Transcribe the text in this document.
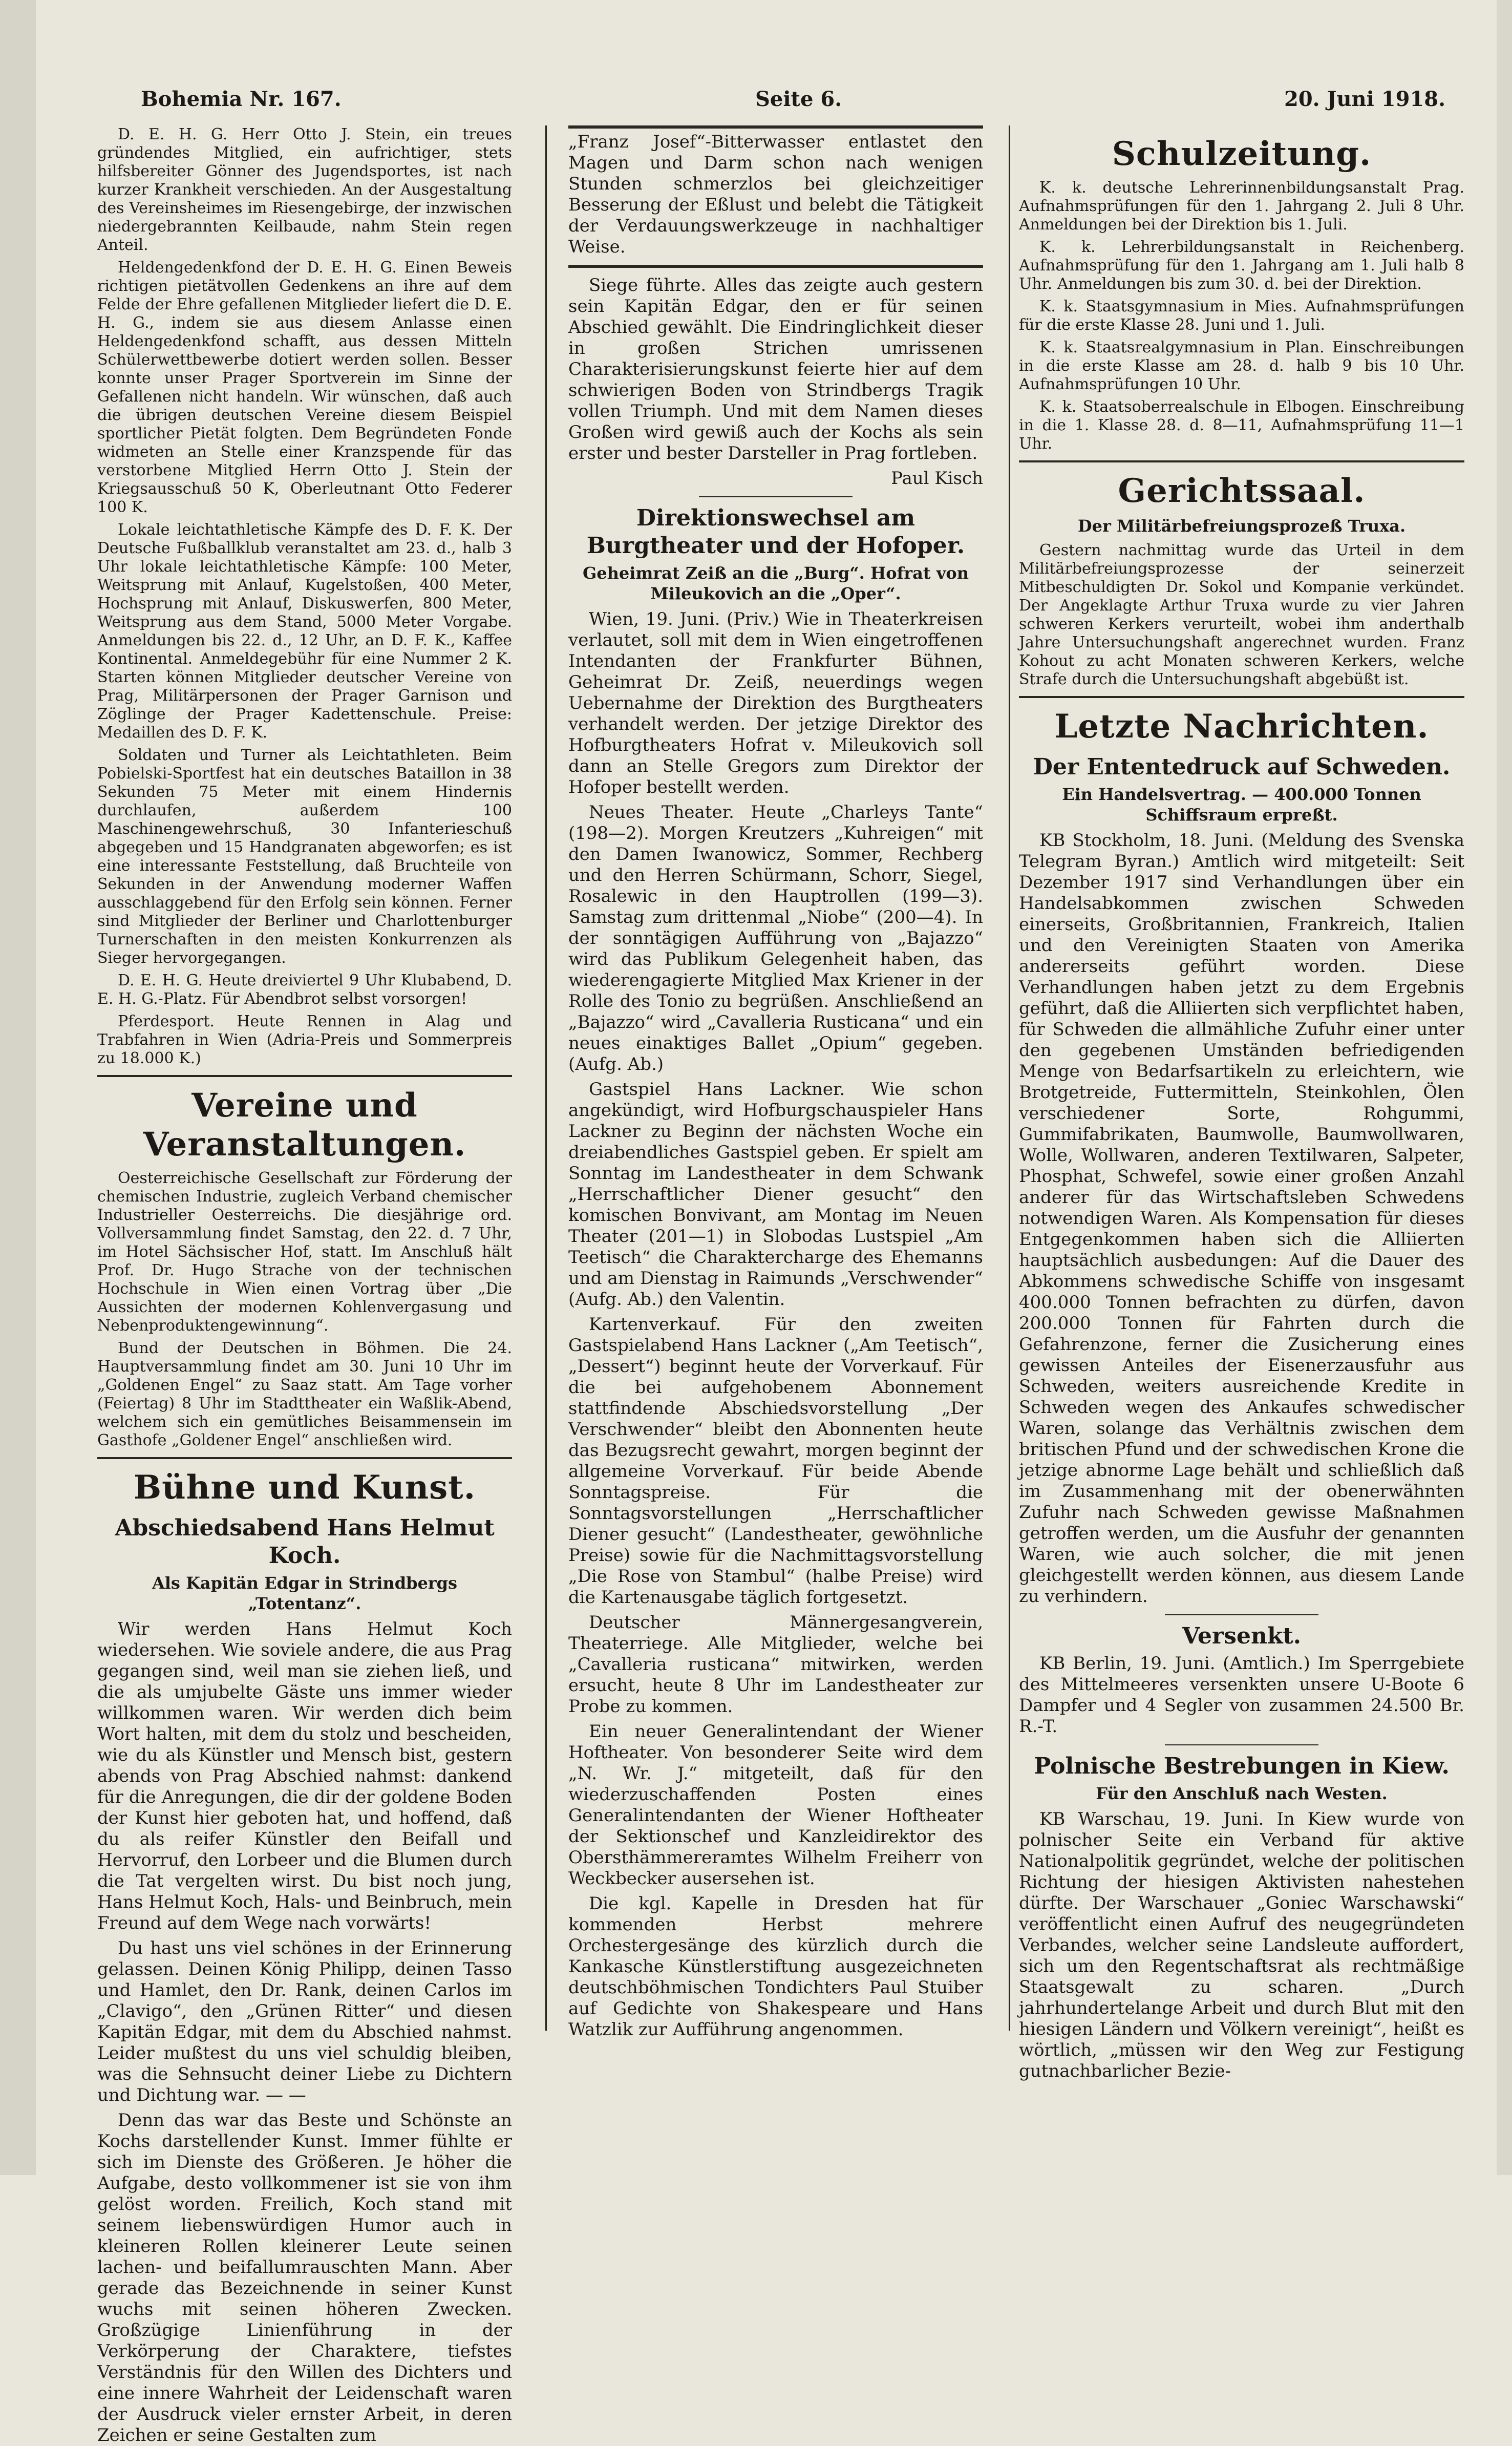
Bohemia Nr. 167.	Seite 6.	20. Juni 1918.

D. E. H. G. Herr Otto J. Stein, ein treues gründendes Mitglied, ein aufrichtiger, stets hilfsbereiter Gönner des Jugendsportes, ist nach kurzer Krankheit verschieden. An der Ausgestaltung des Vereinsheimes im Riesengebirge, der inzwischen niedergebrannten Keilbaude, nahm Stein regen Anteil.

Heldengedenkfond der D. E. H. G. Einen Beweis richtigen pietätvollen Gedenkens an ihre auf dem Felde der Ehre gefallenen Mitglieder liefert die D. E. H. G., indem sie aus diesem Anlasse einen Heldengedenkfond schafft, aus dessen Mitteln Schülerwettbewerbe dotiert werden sollen. Besser konnte unser Prager Sportverein im Sinne der Gefallenen nicht handeln. Wir wünschen, daß auch die übrigen deutschen Vereine diesem Beispiel sportlicher Pietät folgten. Dem Begründeten Fonde widmeten an Stelle einer Kranzspende für das verstorbene Mitglied Herrn Otto J. Stein der Kriegsausschuß 50 K, Oberleutnant Otto Federer 100 K.

Lokale leichtathletische Kämpfe des D. F. K. Der Deutsche Fußballklub veranstaltet am 23. d., halb 3 Uhr lokale leichtathletische Kämpfe: 100 Meter, Weitsprung mit Anlauf, Kugelstoßen, 400 Meter, Hochsprung mit Anlauf, Diskuswerfen, 800 Meter, Weitsprung aus dem Stand, 5000 Meter Vorgabe. Anmeldungen bis 22. d., 12 Uhr, an D. F. K., Kaffee Kontinental. Anmeldegebühr für eine Nummer 2 K. Starten können Mitglieder deutscher Vereine von Prag, Militärpersonen der Prager Garnison und Zöglinge der Prager Kadettenschule. Preise: Medaillen des D. F. K.

Soldaten und Turner als Leichtathleten. Beim Pobielski-Sportfest hat ein deutsches Bataillon in 38 Sekunden 75 Meter mit einem Hindernis durchlaufen, außerdem 100 Maschinengewehrschuß, 30 Infanterieschuß abgegeben und 15 Handgranaten abgeworfen; es ist eine interessante Feststellung, daß Bruchteile von Sekunden in der Anwendung moderner Waffen ausschlaggebend für den Erfolg sein können. Ferner sind Mitglieder der Berliner und Charlottenburger Turnerschaften in den meisten Konkurrenzen als Sieger hervorgegangen.

D. E. H. G. Heute dreiviertel 9 Uhr Klubabend, D. E. H. G.-Platz. Für Abendbrot selbst vorsorgen!

Pferdesport. Heute Rennen in Alag und Trabfahren in Wien (Adria-Preis und Sommerpreis zu 18.000 K.)

Vereine und Veranstaltungen.

Oesterreichische Gesellschaft zur Förderung der chemischen Industrie, zugleich Verband chemischer Industrieller Oesterreichs. Die diesjährige ord. Vollversammlung findet Samstag, den 22. d. 7 Uhr, im Hotel Sächsischer Hof, statt. Im Anschluß hält Prof. Dr. Hugo Strache von der technischen Hochschule in Wien einen Vortrag über „Die Aussichten der modernen Kohlenvergasung und Nebenproduktengewinnung“.

Bund der Deutschen in Böhmen. Die 24. Hauptversammlung findet am 30. Juni 10 Uhr im „Goldenen Engel“ zu Saaz statt. Am Tage vorher (Feiertag) 8 Uhr im Stadttheater ein Waßlik-Abend, welchem sich ein gemütliches Beisammensein im Gasthofe „Goldener Engel“ anschließen wird.

Bühne und Kunst.
Abschiedsabend Hans Helmut Koch.
Als Kapitän Edgar in Strindbergs „Totentanz“.

Wir werden Hans Helmut Koch wiedersehen. Wie soviele andere, die aus Prag gegangen sind, weil man sie ziehen ließ, und die als umjubelte Gäste uns immer wieder willkommen waren. Wir werden dich beim Wort halten, mit dem du stolz und bescheiden, wie du als Künstler und Mensch bist, gestern abends von Prag Abschied nahmst: dankend für die Anregungen, die dir der goldene Boden der Kunst hier geboten hat, und hoffend, daß du als reifer Künstler den Beifall und Hervorruf, den Lorbeer und die Blumen durch die Tat vergelten wirst. Du bist noch jung, Hans Helmut Koch, Hals- und Beinbruch, mein Freund auf dem Wege nach vorwärts!

Du hast uns viel schönes in der Erinnerung gelassen. Deinen König Philipp, deinen Tasso und Hamlet, den Dr. Rank, deinen Carlos im „Clavigo“, den „Grünen Ritter“ und diesen Kapitän Edgar, mit dem du Abschied nahmst. Leider mußtest du uns viel schuldig bleiben, was die Sehnsucht deiner Liebe zu Dichtern und Dichtung war. — —

Denn das war das Beste und Schönste an Kochs darstellender Kunst. Immer fühlte er sich im Dienste des Größeren. Je höher die Aufgabe, desto vollkommener ist sie von ihm gelöst worden. Freilich, Koch stand mit seinem liebenswürdigen Humor auch in kleineren Rollen kleinerer Leute seinen lachen- und beifallumrauschten Mann. Aber gerade das Bezeichnende in seiner Kunst wuchs mit seinen höheren Zwecken. Großzügige Linienführung in der Verkörperung der Charaktere, tiefstes Verständnis für den Willen des Dichters und eine innere Wahrheit der Leidenschaft waren der Ausdruck vieler ernster Arbeit, in deren Zeichen er seine Gestalten zum

„Franz Josef“-Bitterwasser entlastet den Magen und Darm schon nach wenigen Stunden schmerzlos bei gleichzeitiger Besserung der Eßlust und belebt die Tätigkeit der Verdauungswerkzeuge in nachhaltiger Weise.

Siege führte. Alles das zeigte auch gestern sein Kapitän Edgar, den er für seinen Abschied gewählt. Die Eindringlichkeit dieser in großen Strichen umrissenen Charakterisierungskunst feierte hier auf dem schwierigen Boden von Strindbergs Tragik vollen Triumph. Und mit dem Namen dieses Großen wird gewiß auch der Kochs als sein erster und bester Darsteller in Prag fortleben.

Paul Kisch
Direktionswechsel am Burgtheater und der Hofoper.
Geheimrat Zeiß an die „Burg“. Hofrat von Mileukovich an die „Oper“.

Wien, 19. Juni. (Priv.) Wie in Theaterkreisen verlautet, soll mit dem in Wien eingetroffenen Intendanten der Frankfurter Bühnen, Geheimrat Dr. Zeiß, neuerdings wegen Uebernahme der Direktion des Burgtheaters verhandelt werden. Der jetzige Direktor des Hofburgtheaters Hofrat v. Mileukovich soll dann an Stelle Gregors zum Direktor der Hofoper bestellt werden.

Neues Theater. Heute „Charleys Tante“ (198—2). Morgen Kreutzers „Kuhreigen“ mit den Damen Iwanowicz, Sommer, Rechberg und den Herren Schürmann, Schorr, Siegel, Rosalewic in den Hauptrollen (199—3). Samstag zum drittenmal „Niobe“ (200—4). In der sonntägigen Aufführung von „Bajazzo“ wird das Publikum Gelegenheit haben, das wiederengagierte Mitglied Max Kriener in der Rolle des Tonio zu begrüßen. Anschließend an „Bajazzo“ wird „Cavalleria Rusticana“ und ein neues einaktiges Ballet „Opium“ gegeben. (Aufg. Ab.)

Gastspiel Hans Lackner. Wie schon angekündigt, wird Hofburgschauspieler Hans Lackner zu Beginn der nächsten Woche ein dreiabendliches Gastspiel geben. Er spielt am Sonntag im Landestheater in dem Schwank „Herrschaftlicher Diener gesucht“ den komischen Bonvivant, am Montag im Neuen Theater (201—1) in Slobodas Lustspiel „Am Teetisch“ die Charaktercharge des Ehemanns und am Dienstag in Raimunds „Verschwender“ (Aufg. Ab.) den Valentin.

Kartenverkauf. Für den zweiten Gastspielabend Hans Lackner („Am Teetisch“, „Dessert“) beginnt heute der Vorverkauf. Für die bei aufgehobenem Abonnement stattfindende Abschiedsvorstellung „Der Verschwender“ bleibt den Abonnenten heute das Bezugsrecht gewahrt, morgen beginnt der allgemeine Vorverkauf. Für beide Abende Sonntagspreise. Für die Sonntagsvorstellungen „Herrschaftlicher Diener gesucht“ (Landestheater, gewöhnliche Preise) sowie für die Nachmittagsvorstellung „Die Rose von Stambul“ (halbe Preise) wird die Kartenausgabe täglich fortgesetzt.

Deutscher Männergesangverein, Theaterriege. Alle Mitglieder, welche bei „Cavalleria rusticana“ mitwirken, werden ersucht, heute 8 Uhr im Landestheater zur Probe zu kommen.

Ein neuer Generalintendant der Wiener Hoftheater. Von besonderer Seite wird dem „N. Wr. J.“ mitgeteilt, daß für den wiederzuschaffenden Posten eines Generalintendanten der Wiener Hoftheater der Sektionschef und Kanzleidirektor des Obersthämmereramtes Wilhelm Freiherr von Weckbecker ausersehen ist.

Die kgl. Kapelle in Dresden hat für kommenden Herbst mehrere Orchestergesänge des kürzlich durch die Kankasche Künstlerstiftung ausgezeichneten deutschböhmischen Tondichters Paul Stuiber auf Gedichte von Shakespeare und Hans Watzlik zur Aufführung angenommen.

Schulzeitung.

K. k. deutsche Lehrerinnenbildungsanstalt Prag. Aufnahmsprüfungen für den 1. Jahrgang 2. Juli 8 Uhr. Anmeldungen bei der Direktion bis 1. Juli.

K. k. Lehrerbildungsanstalt in Reichenberg. Aufnahmsprüfung für den 1. Jahrgang am 1. Juli halb 8 Uhr. Anmeldungen bis zum 30. d. bei der Direktion.

K. k. Staatsgymnasium in Mies. Aufnahmsprüfungen für die erste Klasse 28. Juni und 1. Juli.

K. k. Staatsrealgymnasium in Plan. Einschreibungen in die erste Klasse am 28. d. halb 9 bis 10 Uhr. Aufnahmsprüfungen 10 Uhr.

K. k. Staatsoberrealschule in Elbogen. Einschreibung in die 1. Klasse 28. d. 8—11, Aufnahmsprüfung 11—1 Uhr.

Gerichtssaal.
Der Militärbefreiungsprozeß Truxa.

Gestern nachmittag wurde das Urteil in dem Militärbefreiungsprozesse der seinerzeit Mitbeschuldigten Dr. Sokol und Kompanie verkündet. Der Angeklagte Arthur Truxa wurde zu vier Jahren schweren Kerkers verurteilt, wobei ihm anderthalb Jahre Untersuchungshaft angerechnet wurden. Franz Kohout zu acht Monaten schweren Kerkers, welche Strafe durch die Untersuchungshaft abgebüßt ist.

Letzte Nachrichten.
Der Ententedruck auf Schweden.
Ein Handelsvertrag. — 400.000 Tonnen Schiffsraum erpreßt.

KB Stockholm, 18. Juni. (Meldung des Svenska Telegram Byran.) Amtlich wird mitgeteilt: Seit Dezember 1917 sind Verhandlungen über ein Handelsabkommen zwischen Schweden einerseits, Großbritannien, Frankreich, Italien und den Vereinigten Staaten von Amerika andererseits geführt worden. Diese Verhandlungen haben jetzt zu dem Ergebnis geführt, daß die Alliierten sich verpflichtet haben, für Schweden die allmähliche Zufuhr einer unter den gegebenen Umständen befriedigenden Menge von Bedarfsartikeln zu erleichtern, wie Brotgetreide, Futtermitteln, Steinkohlen, Ölen verschiedener Sorte, Rohgummi, Gummifabrikaten, Baumwolle, Baumwollwaren, Wolle, Wollwaren, anderen Textilwaren, Salpeter, Phosphat, Schwefel, sowie einer großen Anzahl anderer für das Wirtschaftsleben Schwedens notwendigen Waren. Als Kompensation für dieses Entgegenkommen haben sich die Alliierten hauptsächlich ausbedungen: Auf die Dauer des Abkommens schwedische Schiffe von insgesamt 400.000 Tonnen befrachten zu dürfen, davon 200.000 Tonnen für Fahrten durch die Gefahrenzone, ferner die Zusicherung eines gewissen Anteiles der Eisenerzausfuhr aus Schweden, weiters ausreichende Kredite in Schweden wegen des Ankaufes schwedischer Waren, solange das Verhältnis zwischen dem britischen Pfund und der schwedischen Krone die jetzige abnorme Lage behält und schließlich daß im Zusammenhang mit der obenerwähnten Zufuhr nach Schweden gewisse Maßnahmen getroffen werden, um die Ausfuhr der genannten Waren, wie auch solcher, die mit jenen gleichgestellt werden können, aus diesem Lande zu verhindern.

Versenkt.

KB Berlin, 19. Juni. (Amtlich.) Im Sperrgebiete des Mittelmeeres versenkten unsere U-Boote 6 Dampfer und 4 Segler von zusammen 24.500 Br. R.-T.

Polnische Bestrebungen in Kiew.
Für den Anschluß nach Westen.

KB Warschau, 19. Juni. In Kiew wurde von polnischer Seite ein Verband für aktive Nationalpolitik gegründet, welche der politischen Richtung der hiesigen Aktivisten nahestehen dürfte. Der Warschauer „Goniec Warschawski“ veröffentlicht einen Aufruf des neugegründeten Verbandes, welcher seine Landsleute auffordert, sich um den Regentschaftsrat als rechtmäßige Staatsgewalt zu scharen. „Durch jahrhundertelange Arbeit und durch Blut mit den hiesigen Ländern und Völkern vereinigt“, heißt es wörtlich, „müssen wir den Weg zur Festigung gutnachbarlicher Bezie-
